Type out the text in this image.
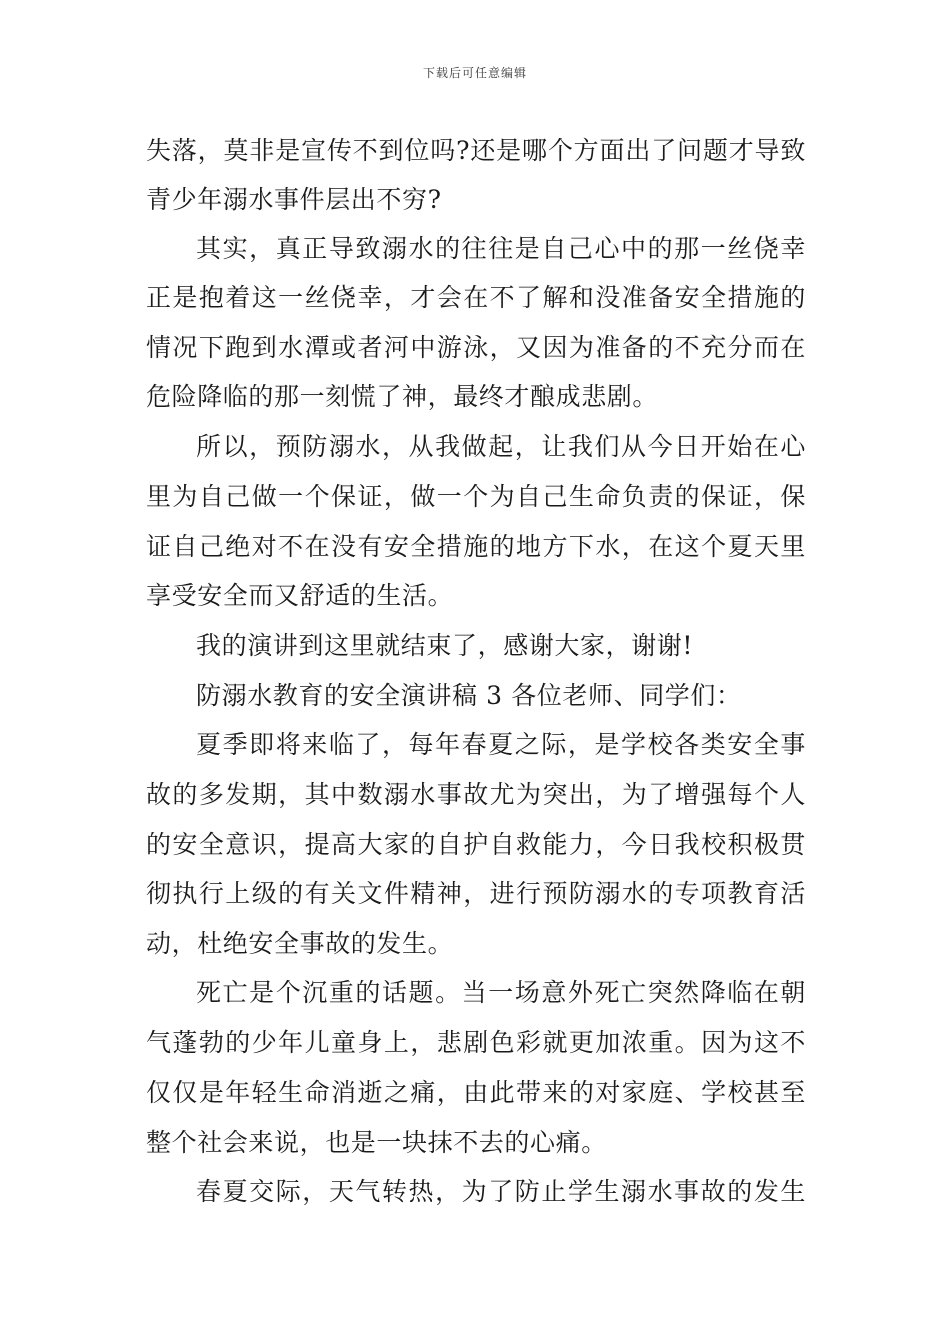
下载后可任意编辑
失落，莫非是宣传不到位吗?还是哪个方面出了问题才导致
青少年溺水事件层出不穷?
其实，真正导致溺水的往往是自己心中的那一丝侥幸
正是抱着这一丝侥幸，才会在不了解和没准备安全措施的
情况下跑到水潭或者河中游泳，又因为准备的不充分而在
危险降临的那一刻慌了神，最终才酿成悲剧。
所以，预防溺水，从我做起，让我们从今日开始在心
里为自己做一个保证，做一个为自己生命负责的保证，保
证自己绝对不在没有安全措施的地方下水，在这个夏天里
享受安全而又舒适的生活。
我的演讲到这里就结束了，感谢大家，谢谢!
防溺水教育的安全演讲稿 3 各位老师、同学们：
夏季即将来临了，每年春夏之际，是学校各类安全事
故的多发期，其中数溺水事故尤为突出，为了增强每个人
的安全意识，提高大家的自护自救能力，今日我校积极贯
彻执行上级的有关文件精神，进行预防溺水的专项教育活
动，杜绝安全事故的发生。
死亡是个沉重的话题。当一场意外死亡突然降临在朝
气蓬勃的少年儿童身上，悲剧色彩就更加浓重。因为这不
仅仅是年轻生命消逝之痛，由此带来的对家庭、学校甚至
整个社会来说，也是一块抹不去的心痛。
春夏交际，天气转热，为了防止学生溺水事故的发生
